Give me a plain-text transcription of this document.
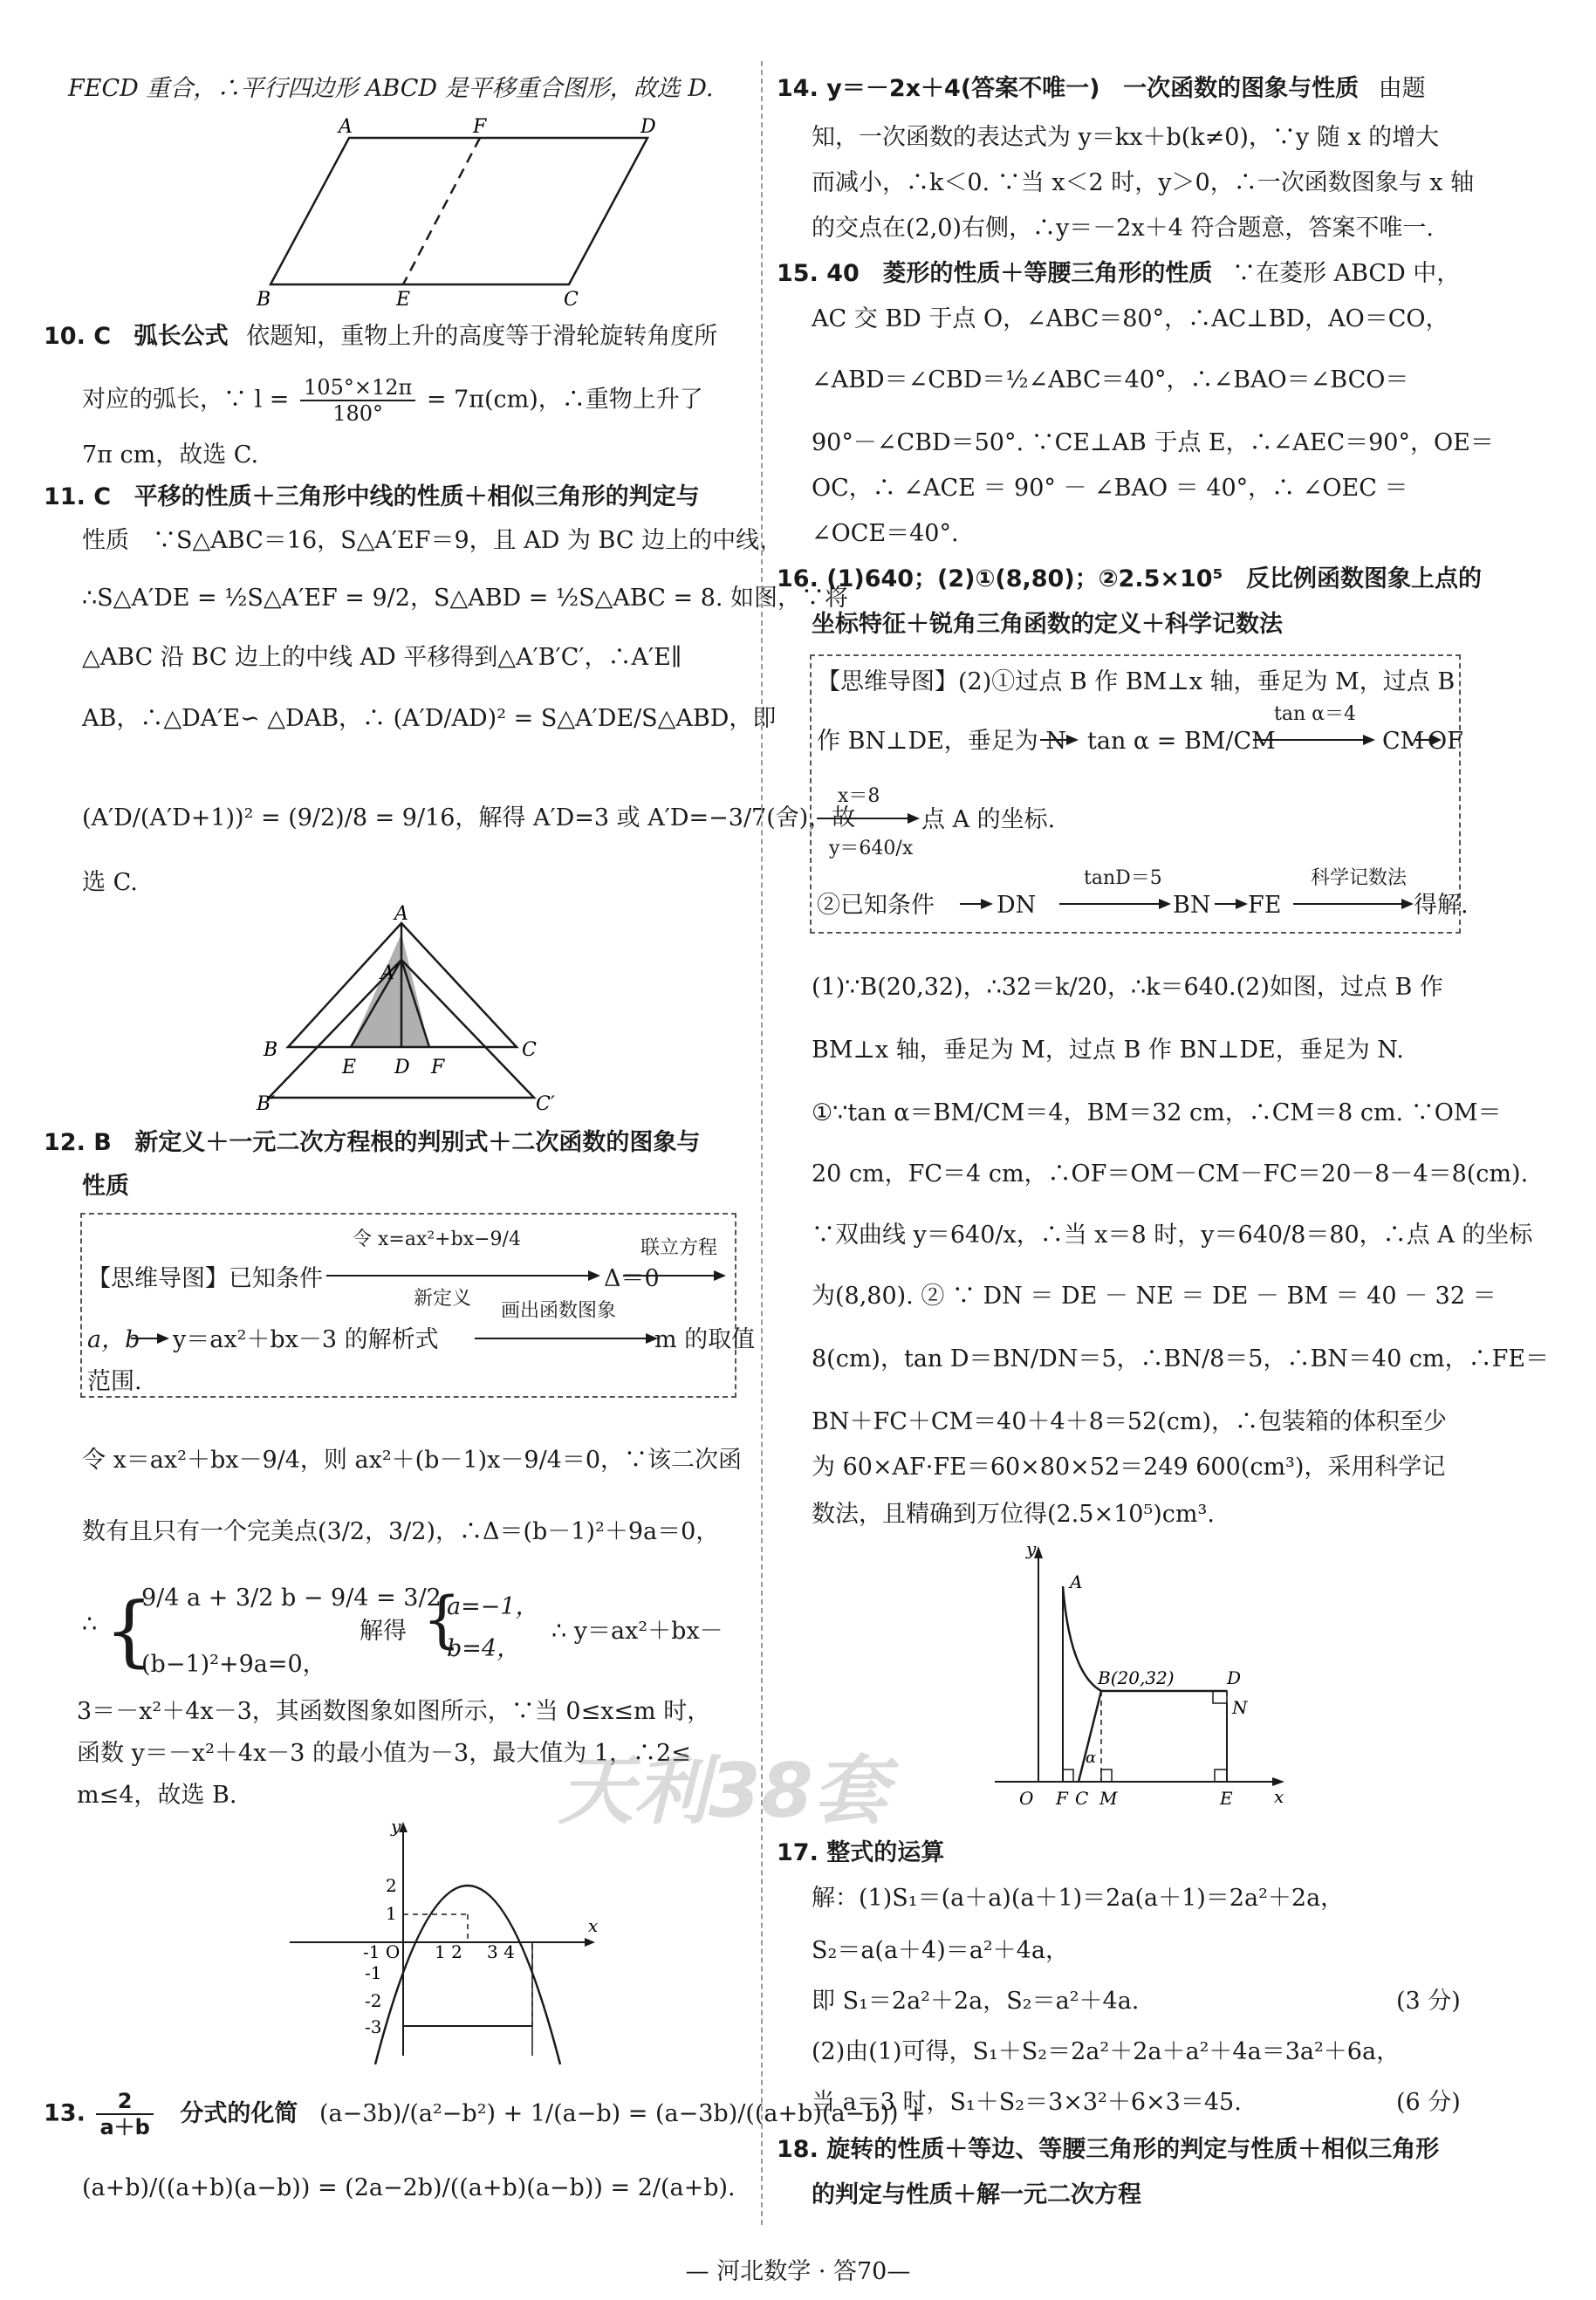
FECD 重合，∴平行四边形 ABCD 是平移重合图形，故选 D.
A	F	D
B	E	C
10. C 弧长公式 依题知，重物上升的高度等于滑轮旋转角度所
对应的弧长，∵ $l = \frac{105^\circ\times 12\pi}{180^\circ} = 7\pi(cm)$，∴重物上升了
7π cm，故选 C.
11. C 平移的性质＋三角形中线的性质＋相似三角形的判定与
性质　∵S△ABC＝16，S△A′EF＝9，且 AD 为 BC 边上的中线，
∴S△A′DE = ½S△A′EF = 9/2，S△ABD = ½S△ABC = 8. 如图，∵将
△ABC 沿 BC 边上的中线 AD 平移得到△A′B′C′，∴A′E∥
AB，∴△DA′E∽ △DAB，∴ (A′D/AD)² = S△A′DE/S△ABD，即
(A′D/(A′D+1))² = (9/2)/8 = 9/16，解得 A′D=3 或 A′D=−3/7(舍)，故
选 C.
A
A′
B
E D F
C
B′	C′
12. B 新定义＋一元二次方程根的判别式＋二次函数的图象与
性质
【思维导图】已知条件
令 x=ax²+bx−9/4
新定义
Δ＝0
联立方程
a，b y＝ax²＋bx－3 的解析式
画出函数图象
m 的取值
范围.
令 x＝ax²＋bx－9/4，则 ax²＋(b－1)x－9/4＝0，∵该二次函
数有且只有一个完美点(3/2，3/2)，∴Δ＝(b－1)²＋9a＝0，
∴ {
9/4 a + 3/2 b − 9/4 = 3/2
(b−1)²+9a=0，
解得 {
a=−1，
b=4，
∴ y＝ax²＋bx－
3＝－x²＋4x－3，其函数图象如图所示，∵当 0≤x≤m 时，
函数 y＝－x²＋4x－3 的最小值为－3，最大值为 1，∴2≤
m≤4，故选 B.
y
x
2
1
-1
-2
-3
-1 O 1 2 3 4
13. $\frac{2}{a+b}$ 分式的化简 (a−3b)/(a²−b²) + 1/(a−b) = (a−3b)/((a+b)(a−b)) +
(a+b)/((a+b)(a−b)) = (2a−2b)/((a+b)(a−b)) = 2/(a+b).
14. y＝－2x＋4(答案不唯一) 一次函数的图象与性质 由题
知，一次函数的表达式为 y＝kx＋b(k≠0)，∵y 随 x 的增大
而减小，∴k＜0. ∵当 x＜2 时，y＞0，∴一次函数图象与 x 轴
的交点在(2,0)右侧，∴y＝－2x＋4 符合题意，答案不唯一.
15. 40 菱形的性质＋等腰三角形的性质 ∵在菱形 ABCD 中，
AC 交 BD 于点 O，∠ABC＝80°，∴AC⊥BD，AO＝CO，
∠ABD＝∠CBD＝½∠ABC＝40°，∴∠BAO＝∠BCO＝
90°－∠CBD＝50°. ∵CE⊥AB 于点 E，∴∠AEC＝90°，OE＝
OC，∴ ∠ACE ＝ 90° － ∠BAO ＝ 40°，∴ ∠OEC ＝
∠OCE＝40°.
16. (1)640；(2)①(8,80)；②2.5×10⁵ 反比例函数图象上点的
坐标特征＋锐角三角函数的定义＋科学记数法
【思维导图】(2)①过点 B 作 BM⊥x 轴，垂足为 M，过点 B
作 BN⊥DE，垂足为 N tan α = BM/CM
tan α＝4
CM OF
x＝8
y＝640/x
点 A 的坐标.
②已知条件	DN
tanD＝5
BN FE
科学记数法
得解.
(1)∵B(20,32)，∴32＝k/20，∴k＝640.(2)如图，过点 B 作
BM⊥x 轴，垂足为 M，过点 B 作 BN⊥DE，垂足为 N.
①∵tan α＝BM/CM＝4，BM＝32 cm，∴CM＝8 cm. ∵OM＝
20 cm，FC＝4 cm，∴OF＝OM－CM－FC＝20－8－4＝8(cm).
∵双曲线 y＝640/x，∴当 x＝8 时，y＝640/8＝80，∴点 A 的坐标
为(8,80). ② ∵ DN ＝ DE － NE ＝ DE － BM ＝ 40 － 32 ＝
8(cm)，tan D＝BN/DN＝5，∴BN/8＝5，∴BN＝40 cm，∴FE＝
BN＋FC＋CM＝40＋4＋8＝52(cm)，∴包装箱的体积至少
为 60×AF·FE＝60×80×52＝249 600(cm³)，采用科学记
数法，且精确到万位得(2.5×10⁵)cm³.
y
A
B(20,32)	D
N
α
O F C M	E x
17. 整式的运算
解：(1)S₁＝(a＋a)(a＋1)＝2a(a＋1)＝2a²＋2a，
S₂＝a(a＋4)＝a²＋4a，
即 S₁＝2a²＋2a，S₂＝a²＋4a.	(3 分)
(2)由(1)可得，S₁＋S₂＝2a²＋2a＋a²＋4a＝3a²＋6a，
当 a＝3 时，S₁＋S₂＝3×3²＋6×3＝45.	(6 分)
18. 旋转的性质＋等边、等腰三角形的判定与性质＋相似三角形
的判定与性质＋解一元二次方程
天利38套
— 河北数学 · 答70—
